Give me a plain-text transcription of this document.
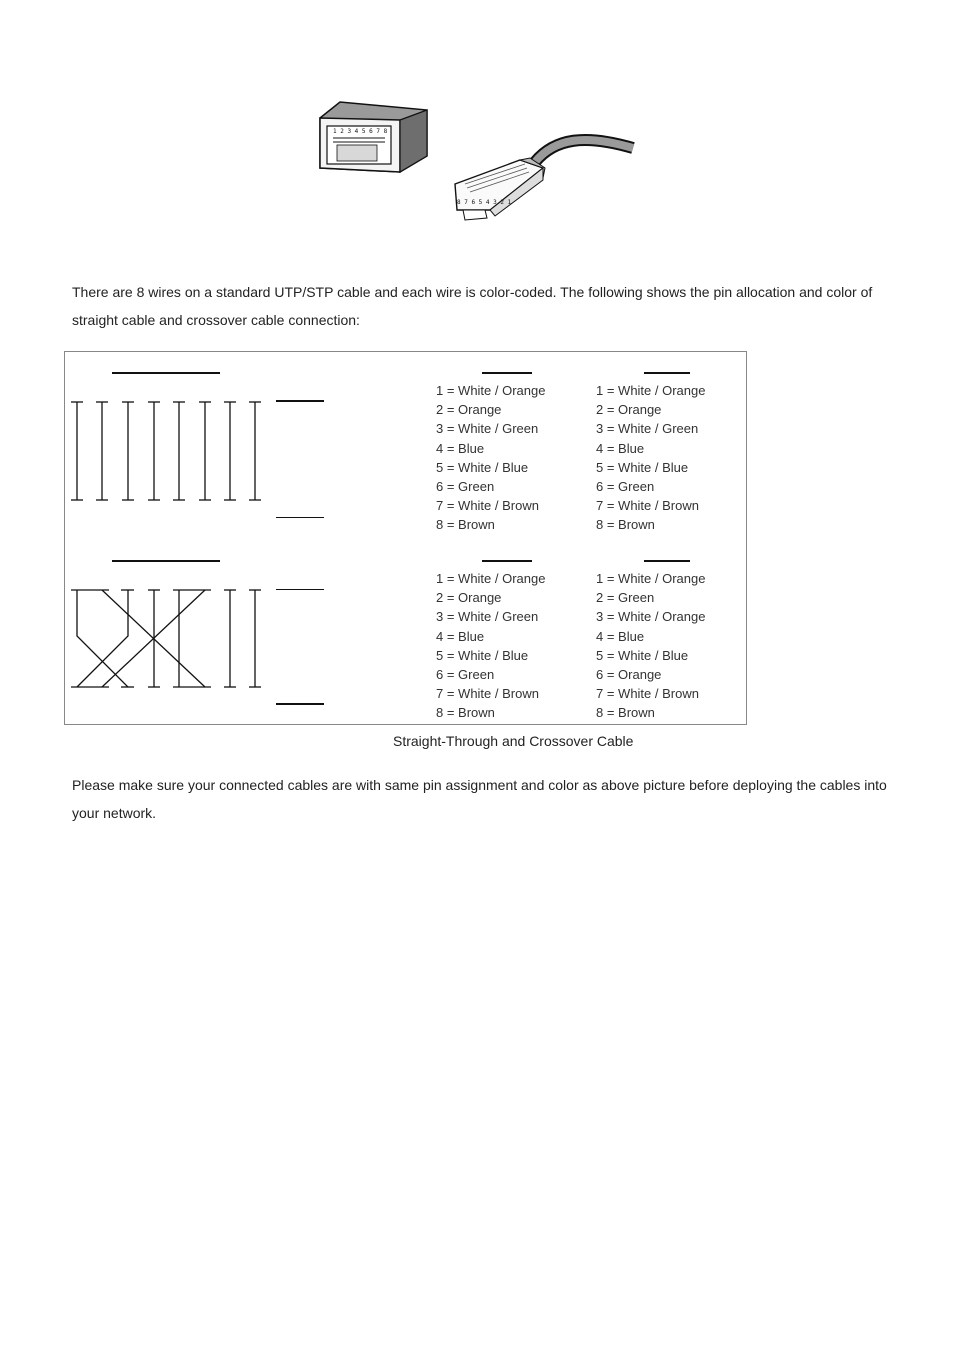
1 2 3 4 5 6 7 8
8 7 6 5 4 3 2 1

There are 8 wires on a standard UTP/STP cable and each wire is color-coded. The following shows the pin allocation and color of straight cable and crossover cable connection:

1 = White / Orange
2 = Orange
3 = White / Green
4 = Blue
5 = White / Blue
6 = Green
7 = White / Brown
8 = Brown
1 = White / Orange
2 = Orange
3 = White / Green
4 = Blue
5 = White / Blue
6 = Green
7 = White / Brown
8 = Brown
1 = White / Orange
2 = Orange
3 = White / Green
4 = Blue
5 = White / Blue
6 = Green
7 = White / Brown
8 = Brown
1 = White / Orange
2 = Green
3 = White / Orange
4 = Blue
5 = White / Blue
6 = Orange
7 = White / Brown
8 = Brown
Straight-Through and Crossover Cable

Please make sure your connected cables are with same pin assignment and color as above picture before deploying the cables into your network.
